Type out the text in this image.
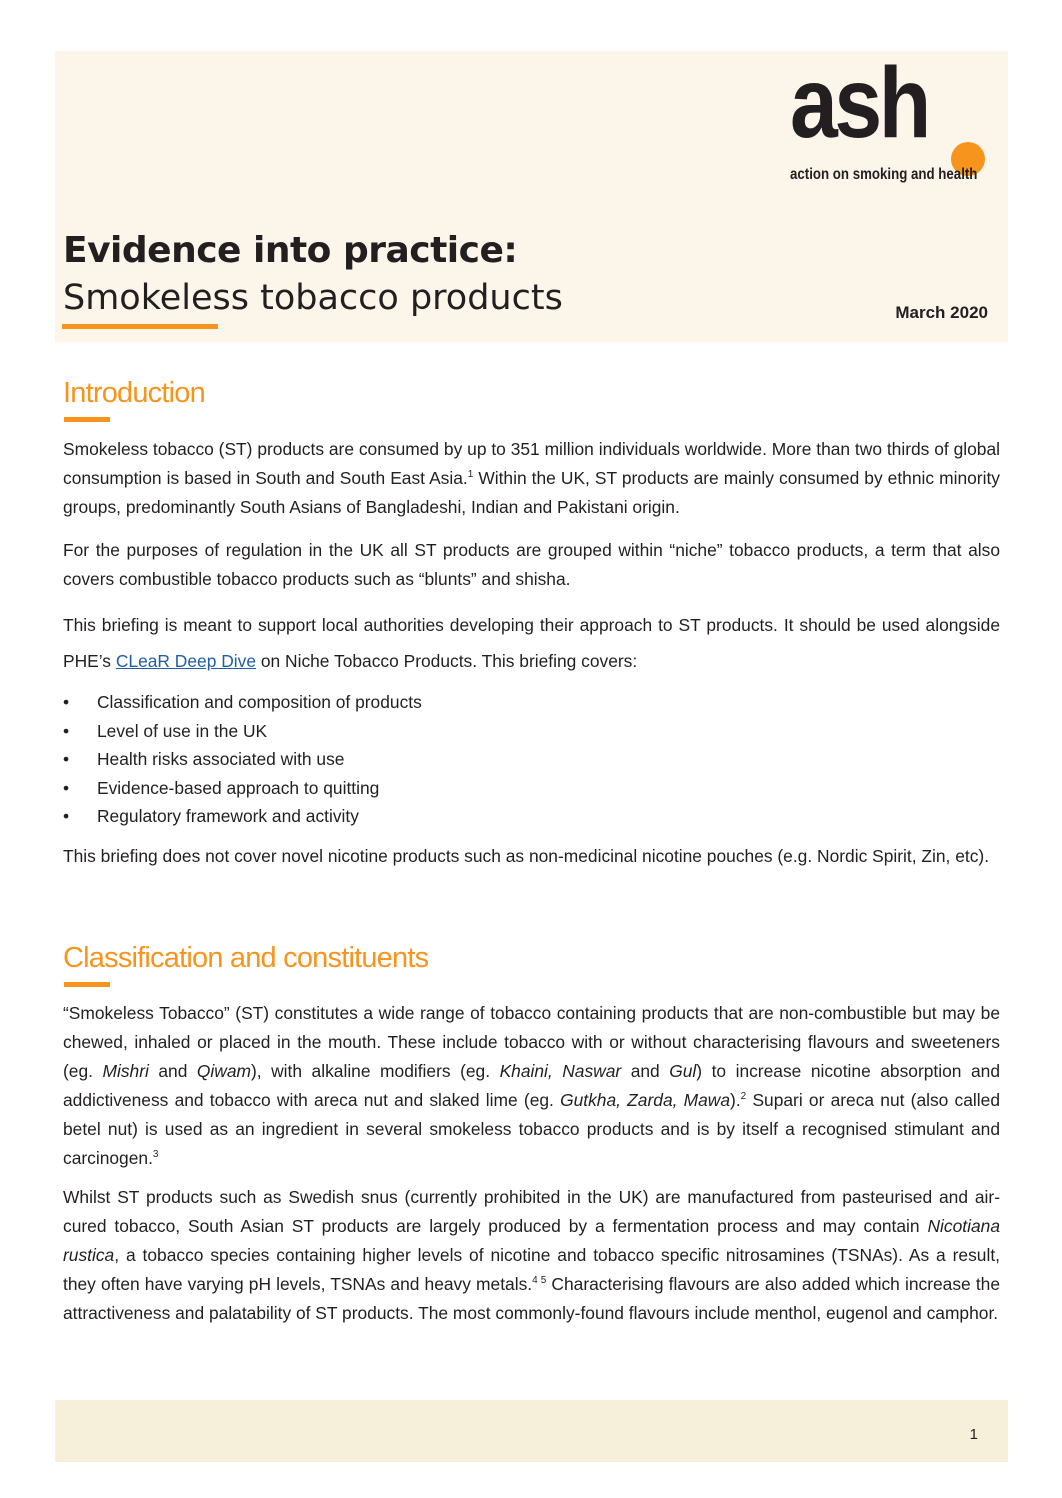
ash
action on smoking and health
Evidence into practice:
Smokeless tobacco products	March 2020
Introduction
Smokeless tobacco (ST) products are consumed by up to 351 million individuals worldwide. More than two thirds of global consumption is based in South and South East Asia.$^1$ Within the UK, ST products are mainly consumed by ethnic minority groups, predominantly South Asians of Bangladeshi, Indian and Pakistani origin.
For the purposes of regulation in the UK all ST products are grouped within “niche” tobacco products, a term that also covers combustible tobacco products such as “blunts” and shisha.
This briefing is meant to support local authorities developing their approach to ST products. It should be used alongside PHE’s CLeaR Deep Dive on Niche Tobacco Products. This briefing covers:
• Classification and composition of products
• Level of use in the UK
• Health risks associated with use
• Evidence-based approach to quitting
• Regulatory framework and activity
This briefing does not cover novel nicotine products such as non-medicinal nicotine pouches (e.g. Nordic Spirit, Zin, etc).
Classification and constituents
“Smokeless Tobacco” (ST) constitutes a wide range of tobacco containing products that are non-combustible but may be chewed, inhaled or placed in the mouth. These include tobacco with or without characterising flavours and sweeteners (eg. Mishri and Qiwam), with alkaline modifiers (eg. Khaini, Naswar and Gul) to increase nicotine absorption and addictiveness and tobacco with areca nut and slaked lime (eg. Gutkha, Zarda, Mawa).$^2$ Supari or areca nut (also called betel nut) is used as an ingredient in several smokeless tobacco products and is by itself a recognised stimulant and carcinogen.$^3$
Whilst ST products such as Swedish snus (currently prohibited in the UK) are manufactured from pasteurised and air-cured tobacco, South Asian ST products are largely produced by a fermentation process and may contain Nicotiana rustica, a tobacco species containing higher levels of nicotine and tobacco specific nitrosamines (TSNAs). As a result, they often have varying pH levels, TSNAs and heavy metals.$^{4 5}$ Characterising flavours are also added which increase the attractiveness and palatability of ST products. The most commonly-found flavours include menthol, eugenol and camphor.
1
